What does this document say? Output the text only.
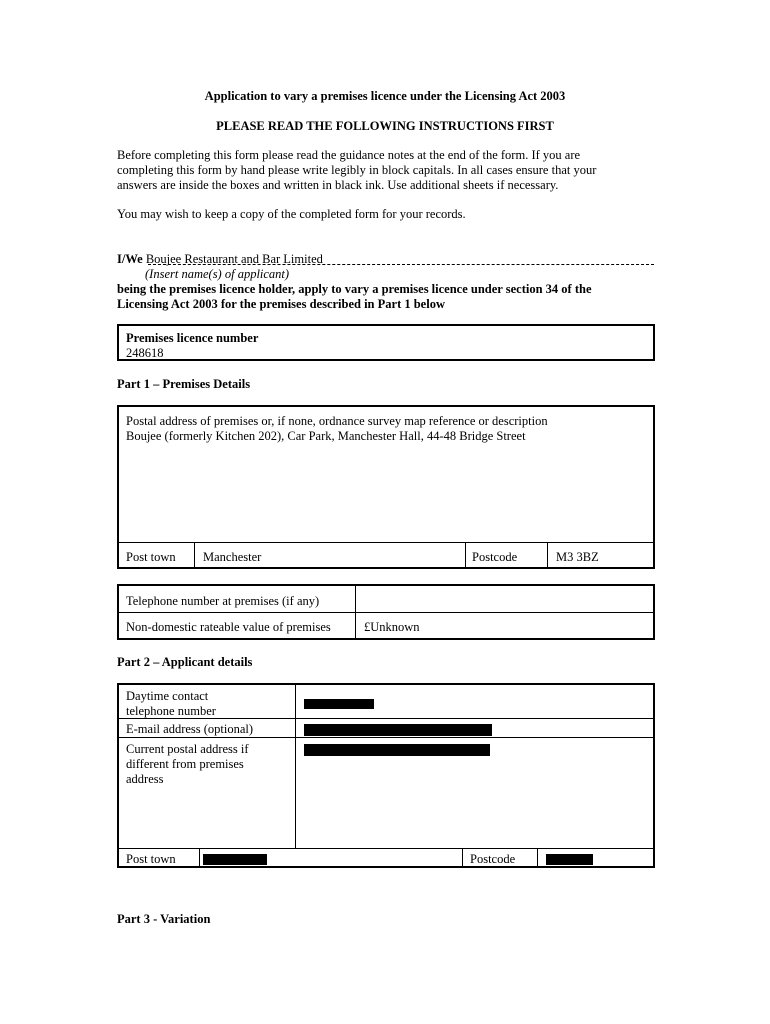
Application to vary a premises licence under the Licensing Act 2003
PLEASE READ THE FOLLOWING INSTRUCTIONS FIRST
Before completing this form please read the guidance notes at the end of the form. If you are
completing this form by hand please write legibly in block capitals. In all cases ensure that your
answers are inside the boxes and written in black ink. Use additional sheets if necessary.
You may wish to keep a copy of the completed form for your records.
I/We Boujee Restaurant and Bar Limited
(Insert name(s) of applicant)
being the premises licence holder, apply to vary a premises licence under section 34 of the
Licensing Act 2003 for the premises described in Part 1 below
Premises licence number
248618
Part 1 – Premises Details
Postal address of premises or, if none, ordnance survey map reference or description
Boujee (formerly Kitchen 202), Car Park, Manchester Hall, 44-48 Bridge Street
Post town	Manchester	Postcode	M3 3BZ
Telephone number at premises (if any)
Non-domestic rateable value of premises	£Unknown
Part 2 – Applicant details
Daytime contact
telephone number
E-mail address (optional)
Current postal address if
different from premises
address
Post town	Postcode
Part 3 - Variation
